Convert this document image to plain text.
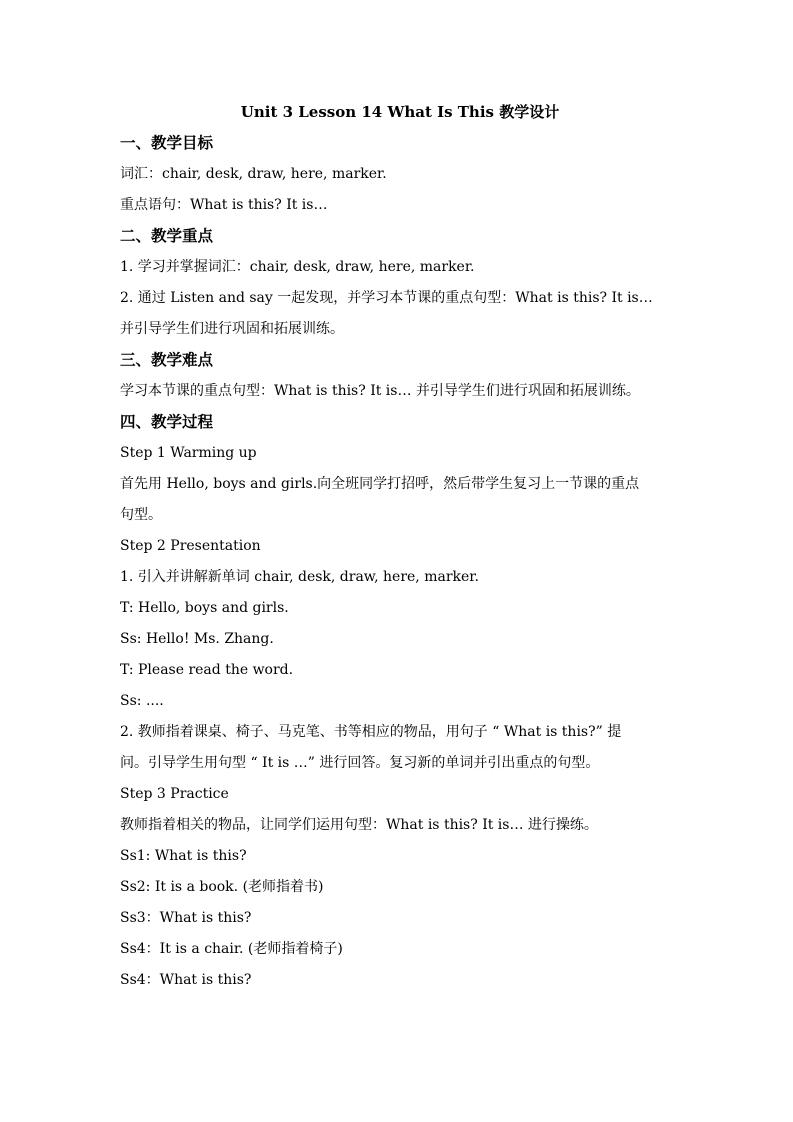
Unit 3 Lesson 14 What Is This 教学设计
一、教学目标
词汇：chair, desk, draw, here, marker.
重点语句：What is this? It is…
二、教学重点
1. 学习并掌握词汇：chair, desk, draw, here, marker.
2. 通过 Listen and say 一起发现，并学习本节课的重点句型：What is this? It is…
并引导学生们进行巩固和拓展训练。
三、教学难点
学习本节课的重点句型：What is this? It is… 并引导学生们进行巩固和拓展训练。
四、教学过程
Step 1 Warming up
首先用 Hello, boys and girls.向全班同学打招呼，然后带学生复习上一节课的重点
句型。
Step 2 Presentation
1. 引入并讲解新单词 chair, desk, draw, here, marker.
T: Hello, boys and girls.
Ss: Hello! Ms. Zhang.
T: Please read the word.
Ss: ....
2. 教师指着课桌、椅子、马克笔、书等相应的物品，用句子 “ What is this?” 提
问。引导学生用句型 “ It is …” 进行回答。复习新的单词并引出重点的句型。
Step 3 Practice
教师指着相关的物品，让同学们运用句型：What is this? It is… 进行操练。
Ss1: What is this?
Ss2: It is a book. (老师指着书)
Ss3：What is this?
Ss4：It is a chair. (老师指着椅子)
Ss4：What is this?
